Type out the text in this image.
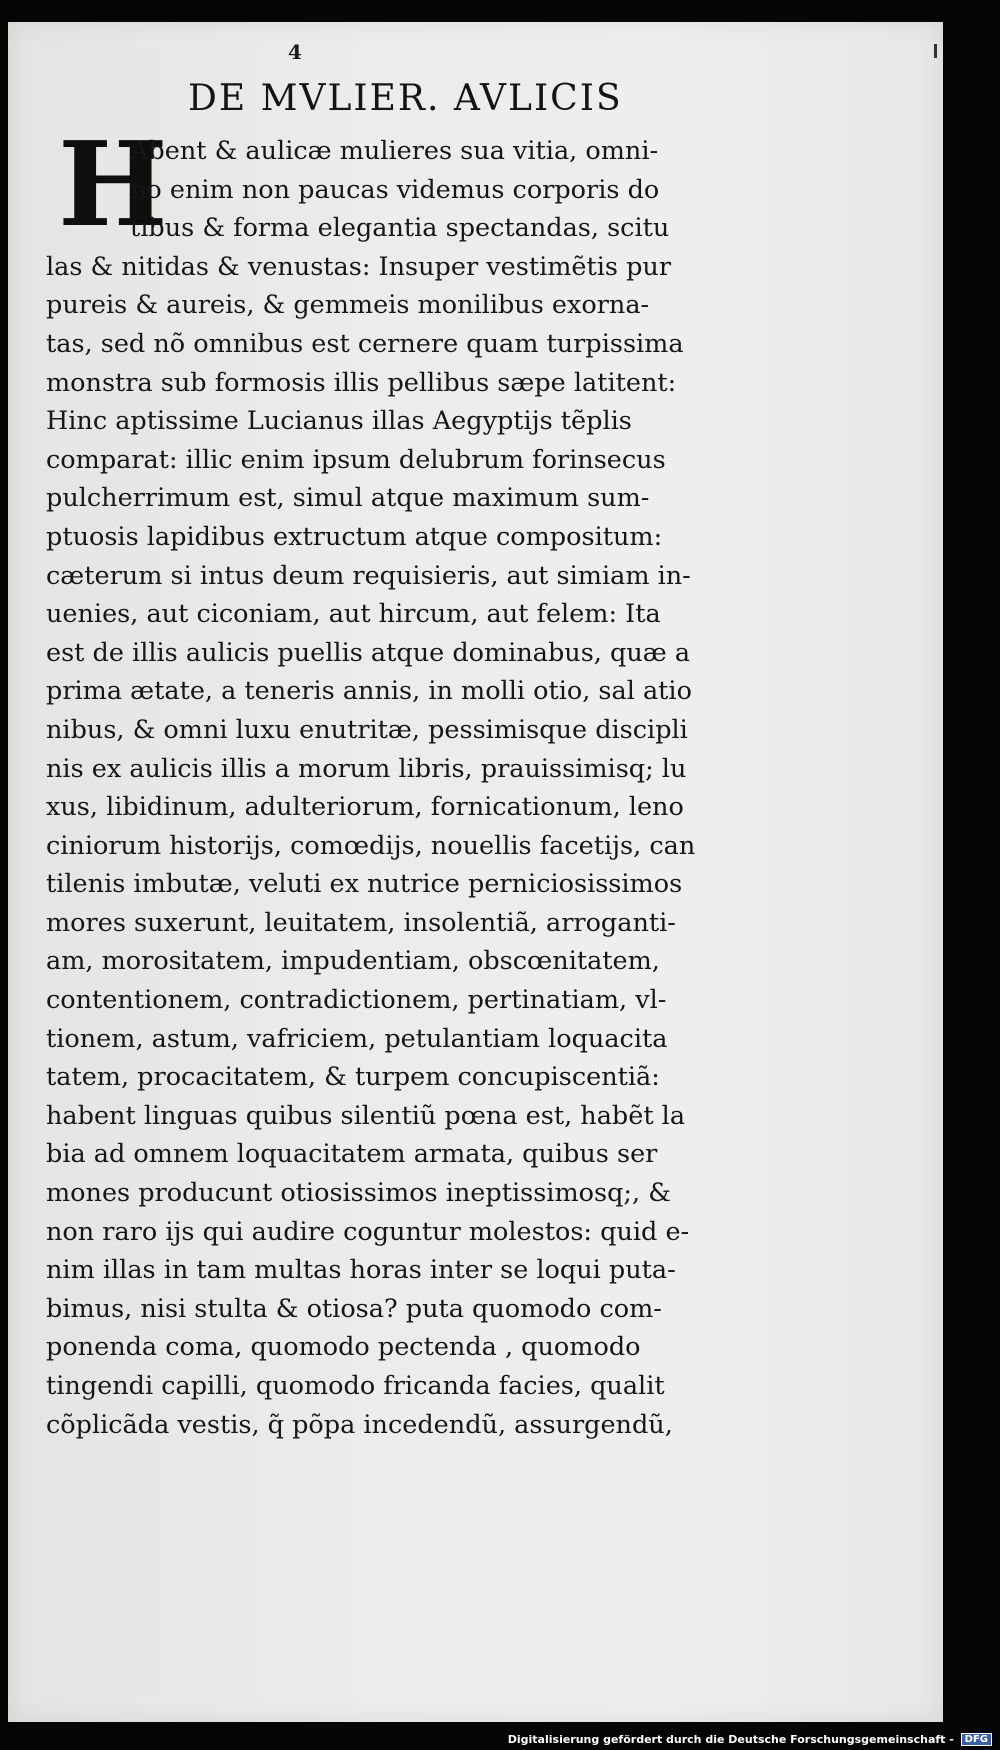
4

DE MVLIER. AVLICIS
H
Abent & aulicæ mulieres sua vitia, omni-
no enim non paucas videmus corporis do
tibus & forma elegantia spectandas, scitu
las & nitidas & venustas: Insuper vestimẽtis pur
pureis & aureis, & gemmeis monilibus exorna-
tas, sed nõ omnibus est cernere quam turpissima
monstra sub formosis illis pellibus sæpe latitent:
Hinc aptissime Lucianus illas Aegyptijs tẽplis
comparat: illic enim ipsum delubrum forinsecus
pulcherrimum est, simul atque maximum sum-
ptuosis lapidibus extructum atque compositum:
cæterum si intus deum requisieris, aut simiam in-
uenies, aut ciconiam, aut hircum, aut felem: Ita
est de illis aulicis puellis atque dominabus, quæ a
prima ætate, a teneris annis, in molli otio, sal atio
nibus, & omni luxu enutritæ, pessimisque discipli
nis ex aulicis illis a morum libris, prauissimisq; lu
xus, libidinum, adulteriorum, fornicationum, leno
ciniorum historijs, comœdijs, nouellis facetijs, can
tilenis imbutæ, veluti ex nutrice perniciosissimos
mores suxerunt, leuitatem, insolentiã, arroganti-
am, morositatem, impudentiam, obscœnitatem,
contentionem, contradictionem, pertinatiam, vl-
tionem, astum, vafriciem, petulantiam loquacita
tatem, procacitatem, & turpem concupiscentiã:
habent linguas quibus silentiũ pœna est, habẽt la
bia ad omnem loquacitatem armata, quibus ser
mones producunt otiosissimos ineptissimosq;, &
non raro ijs qui audire coguntur molestos: quid e-
nim illas in tam multas horas inter se loqui puta-
bimus, nisi stulta & otiosa? puta quomodo com-
ponenda coma, quomodo pectenda , quomodo
tingendi capilli, quomodo fricanda facies, qualit
cõplicãda vestis, q̃ põpa incedendũ, assurgendũ,
Digitalisierung gefördert durch die Deutsche Forschungsgemeinschaft - DFG
